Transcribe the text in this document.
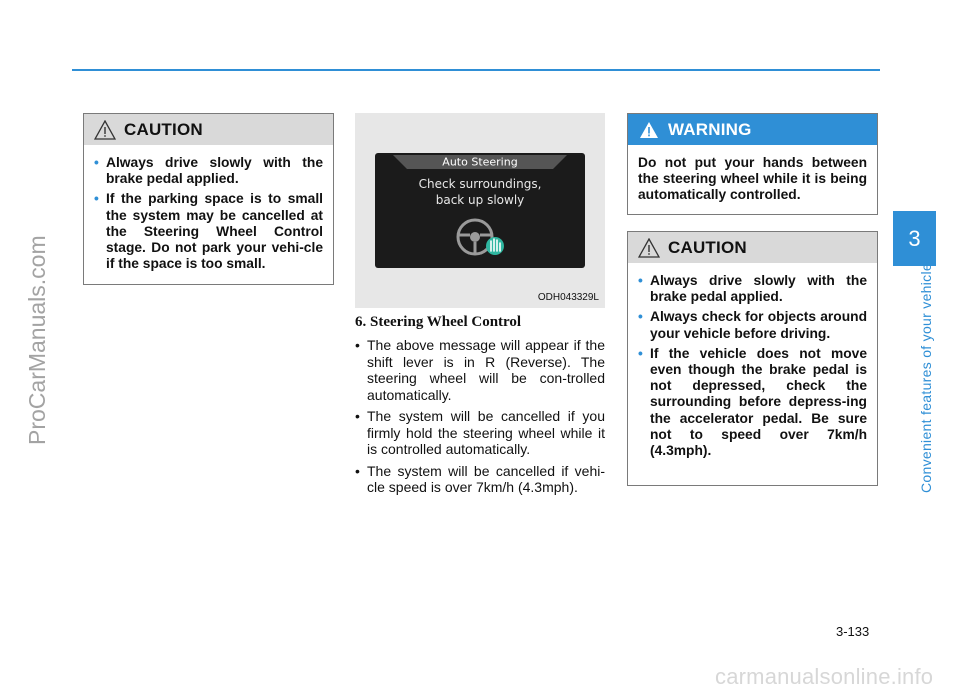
ProCarManuals.com	3
Convenient features of your vehicle
CAUTION
• Always drive slowly with the brake pedal applied.
• If the parking space is to small the system may be cancelled at the Steering Wheel Control stage. Do not park your vehi-cle if the space is too small.
Auto Steering
Check surroundings,
back up slowly
ODH043329L
6. Steering Wheel Control
• The above message will appear if the shift lever is in R (Reverse). The steering wheel will be con-trolled automatically.
• The system will be cancelled if you firmly hold the steering wheel while it is controlled automatically.
• The system will be cancelled if vehi-cle speed is over 7km/h (4.3mph).
WARNING

Do not put your hands between the steering wheel while it is being automatically controlled.

CAUTION
• Always drive slowly with the brake pedal applied.
• Always check for objects around your vehicle before driving.
• If the vehicle does not move even though the brake pedal is not depressed, check the surrounding before depress-ing the accelerator pedal. Be sure not to speed over 7km/h (4.3mph).
3-133
carmanualsonline.info
